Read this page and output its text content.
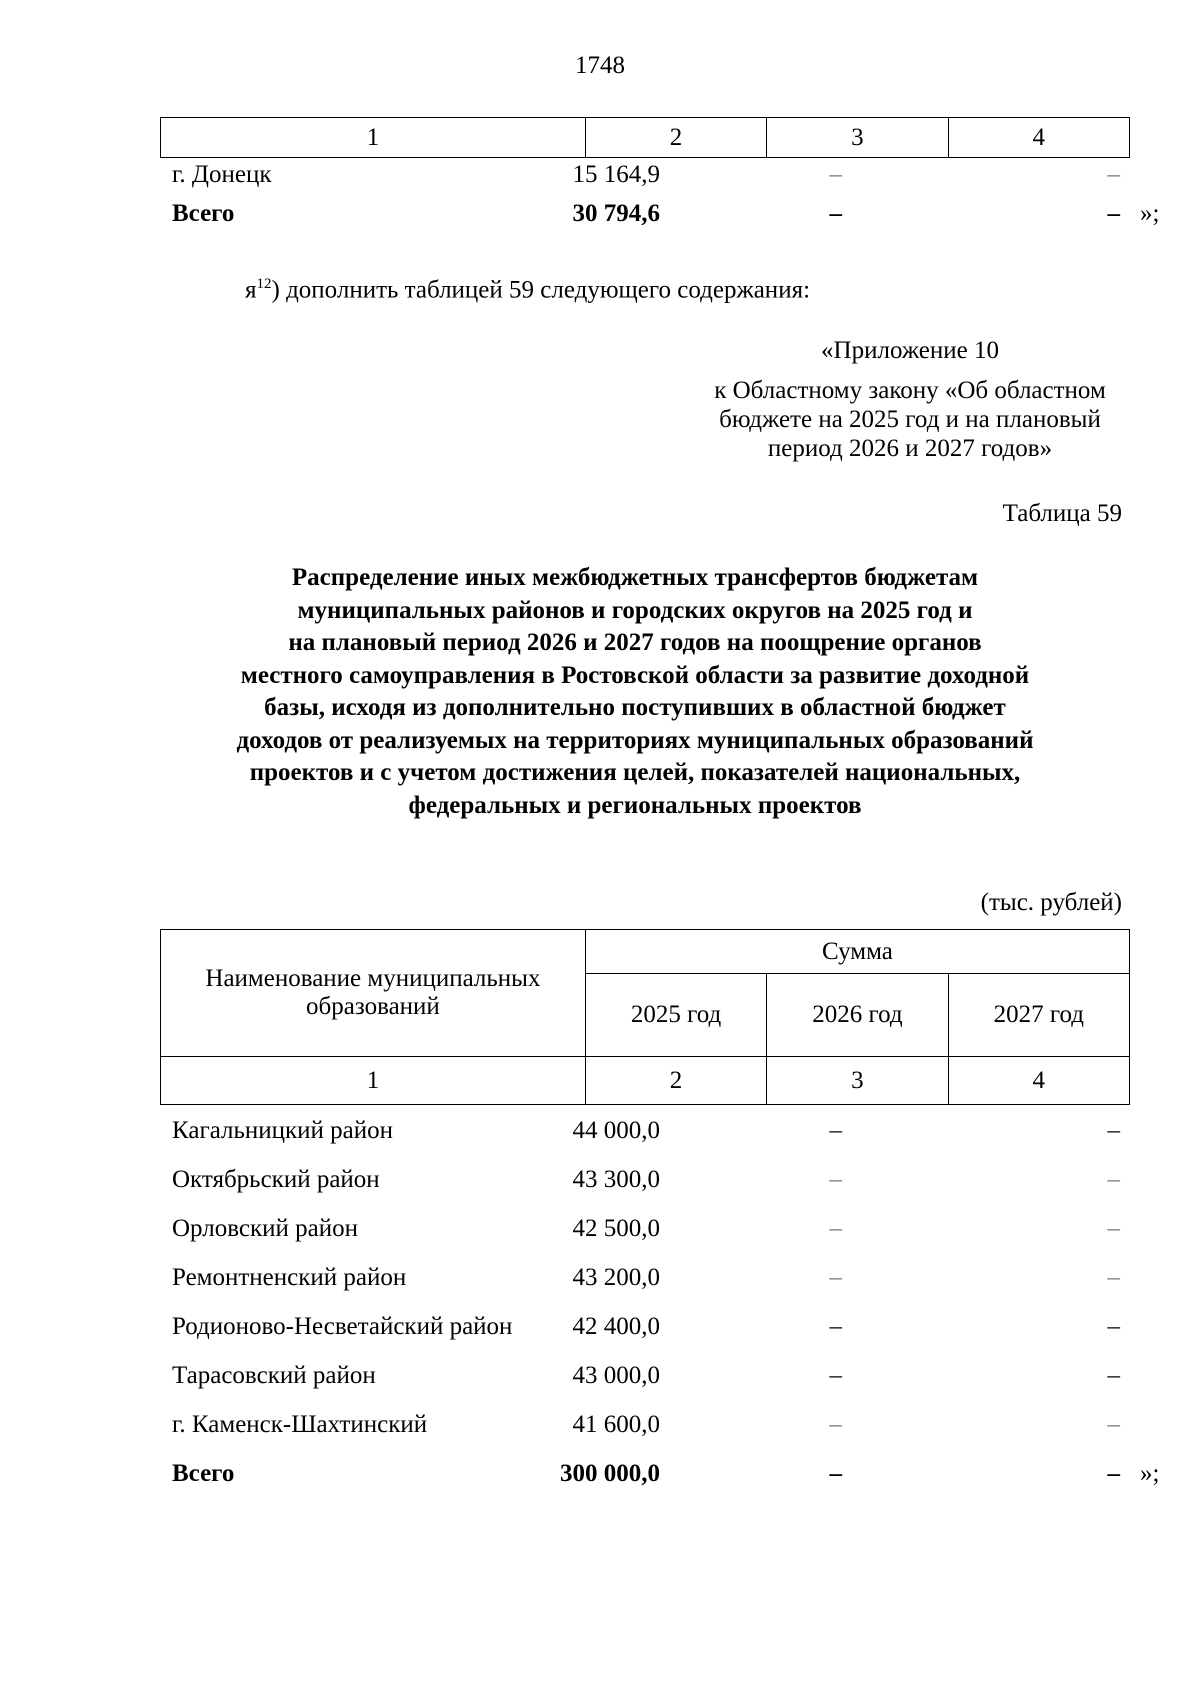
1748
1	2	3	4
г. Донецк	15 164,9	–	–
Всего	30 794,6	–	– »;
$я^{12}$) дополнить таблицей 59 следующего содержания:
«Приложение 10
к Областному закону «Об областном
бюджете на 2025 год и на плановый
период 2026 и 2027 годов»
Таблица 59
Распределение иных межбюджетных трансфертов бюджетам
муниципальных районов и городских округов на 2025 год и
на плановый период 2026 и 2027 годов на поощрение органов
местного самоуправления в Ростовской области за развитие доходной
базы, исходя из дополнительно поступивших в областной бюджет
доходов от реализуемых на территориях муниципальных образований
проектов и с учетом достижения целей, показателей национальных,
федеральных и региональных проектов
(тыс. рублей)
Наименование муниципальных
образований	Сумма		
	2025 год	2026 год	2027 год
1	2	3	4
Кагальницкий район	44 000,0	–	–
Октябрьский район	43 300,0	–	–
Орловский район	42 500,0	–	–
Ремонтненский район	43 200,0	–	–
Родионово-Несветайский район 42 400,0	–	–
Тарасовский район	43 000,0	–	–
г. Каменск-Шахтинский	41 600,0	–	–
Всего	300 000,0	–	– »;
